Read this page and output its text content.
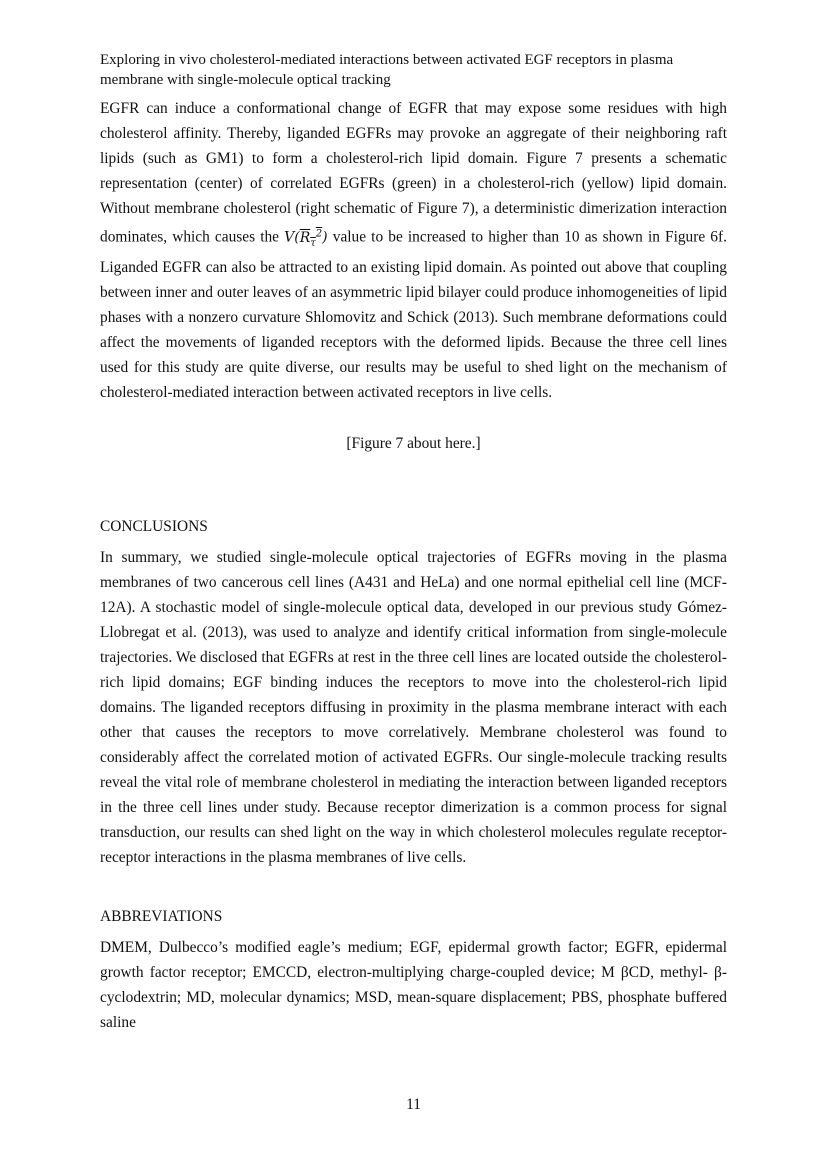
Exploring in vivo cholesterol-mediated interactions between activated EGF receptors in plasma membrane with single-molecule optical tracking

EGFR can induce a conformational change of EGFR that may expose some residues with high cholesterol affinity. Thereby, liganded EGFRs may provoke an aggregate of their neighboring raft lipids (such as GM1) to form a cholesterol-rich lipid domain. Figure 7 presents a schematic representation (center) of correlated EGFRs (green) in a cholesterol-rich (yellow) lipid domain. Without membrane cholesterol (right schematic of Figure 7), a deterministic dimerization interaction dominates, which causes the $V(R_\tau^2)$ value to be increased to higher than 10 as shown in Figure 6f. Liganded EGFR can also be attracted to an existing lipid domain. As pointed out above that coupling between inner and outer leaves of an asymmetric lipid bilayer could produce inhomogeneities of lipid phases with a nonzero curvature Shlomovitz and Schick (2013). Such membrane deformations could affect the movements of liganded receptors with the deformed lipids. Because the three cell lines used for this study are quite diverse, our results may be useful to shed light on the mechanism of cholesterol-mediated interaction between activated receptors in live cells.

[Figure 7 about here.]

CONCLUSIONS

In summary, we studied single-molecule optical trajectories of EGFRs moving in the plasma membranes of two cancerous cell lines (A431 and HeLa) and one normal epithelial cell line (MCF-12A). A stochastic model of single-molecule optical data, developed in our previous study Gómez-Llobregat et al. (2013), was used to analyze and identify critical information from single-molecule trajectories. We disclosed that EGFRs at rest in the three cell lines are located outside the cholesterol-rich lipid domains; EGF binding induces the receptors to move into the cholesterol-rich lipid domains. The liganded receptors diffusing in proximity in the plasma membrane interact with each other that causes the receptors to move correlatively. Membrane cholesterol was found to considerably affect the correlated motion of activated EGFRs. Our single-molecule tracking results reveal the vital role of membrane cholesterol in mediating the interaction between liganded receptors in the three cell lines under study. Because receptor dimerization is a common process for signal transduction, our results can shed light on the way in which cholesterol molecules regulate receptor-receptor interactions in the plasma membranes of live cells.

ABBREVIATIONS

DMEM, Dulbecco’s modified eagle’s medium; EGF, epidermal growth factor; EGFR, epidermal growth factor receptor; EMCCD, electron-multiplying charge-coupled device; M βCD, methyl- β-cyclodextrin; MD, molecular dynamics; MSD, mean-square displacement; PBS, phosphate buffered saline

11
